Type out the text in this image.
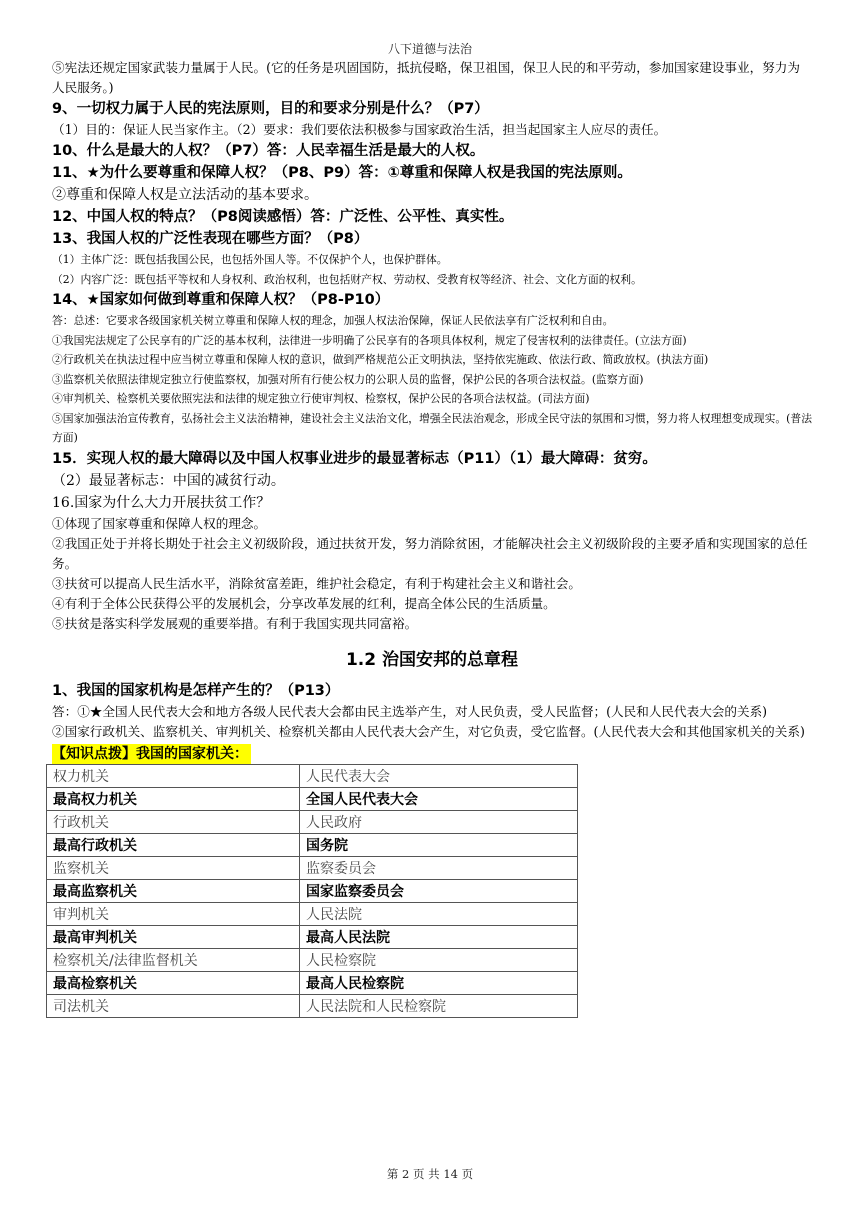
八下道德与法治
⑤宪法还规定国家武装力量属于人民。(它的任务是巩固国防，抵抗侵略，保卫祖国，保卫人民的和平劳动，参加国家建设事业，努力为人民服务。)
9、一切权力属于人民的宪法原则，目的和要求分别是什么？（P7）
（1）目的：保证人民当家作主。（2）要求：我们要依法积极参与国家政治生活，担当起国家主人应尽的责任。
10、什么是最大的人权？（P7）答：人民幸福生活是最大的人权。
11、★为什么要尊重和保障人权？（P8、P9）答：①尊重和保障人权是我国的宪法原则。
②尊重和保障人权是立法活动的基本要求。
12、中国人权的特点？（P8阅读感悟）答：广泛性、公平性、真实性。
13、我国人权的广泛性表现在哪些方面？（P8）
（1）主体广泛：既包括我国公民，也包括外国人等。不仅保护个人，也保护群体。
（2）内容广泛：既包括平等权和人身权利、政治权利，也包括财产权、劳动权、受教育权等经济、社会、文化方面的权利。
14、★国家如何做到尊重和保障人权？（P8-P10）
答：总述：它要求各级国家机关树立尊重和保障人权的理念，加强人权法治保障，保证人民依法享有广泛权利和自由。
①我国宪法规定了公民享有的广泛的基本权利，法律进一步明确了公民享有的各项具体权利，规定了侵害权利的法律责任。(立法方面)
②行政机关在执法过程中应当树立尊重和保障人权的意识，做到严格规范公正文明执法，坚持依宪施政、依法行政、简政放权。(执法方面)
③监察机关依照法律规定独立行使监察权，加强对所有行使公权力的公职人员的监督，保护公民的各项合法权益。(监察方面)
④审判机关、检察机关要依照宪法和法律的规定独立行使审判权、检察权，保护公民的各项合法权益。(司法方面)
⑤国家加强法治宣传教育，弘扬社会主义法治精神，建设社会主义法治文化，增强全民法治观念，形成全民守法的氛围和习惯，努力将人权理想变成现实。(普法方面)
15．实现人权的最大障碍以及中国人权事业进步的最显著标志（P11）（1）最大障碍：贫穷。
（2）最显著标志：中国的减贫行动。
16.国家为什么大力开展扶贫工作？
①体现了国家尊重和保障人权的理念。
②我国正处于并将长期处于社会主义初级阶段，通过扶贫开发，努力消除贫困，才能解决社会主义初级阶段的主要矛盾和实现国家的总任务。
③扶贫可以提高人民生活水平，消除贫富差距，维护社会稳定，有利于构建社会主义和谐社会。
④有利于全体公民获得公平的发展机会，分享改革发展的红利，提高全体公民的生活质量。
⑤扶贫是落实科学发展观的重要举措。有利于我国实现共同富裕。
1.2 治国安邦的总章程
1、我国的国家机构是怎样产生的？（P13）
答：①★全国人民代表大会和地方各级人民代表大会都由民主选举产生，对人民负责，受人民监督；(人民和人民代表大会的关系)
②国家行政机关、监察机关、审判机关、检察机关都由人民代表大会产生，对它负责，受它监督。(人民代表大会和其他国家机关的关系)
【知识点拨】我国的国家机关：
权力机关	人民代表大会
最高权力机关	全国人民代表大会
行政机关	人民政府
最高行政机关	国务院
监察机关	监察委员会
最高监察机关	国家监察委员会
审判机关	人民法院
最高审判机关	最高人民法院
检察机关/法律监督机关	人民检察院
最高检察机关	最高人民检察院
司法机关	人民法院和人民检察院
第 2 页 共 14 页
